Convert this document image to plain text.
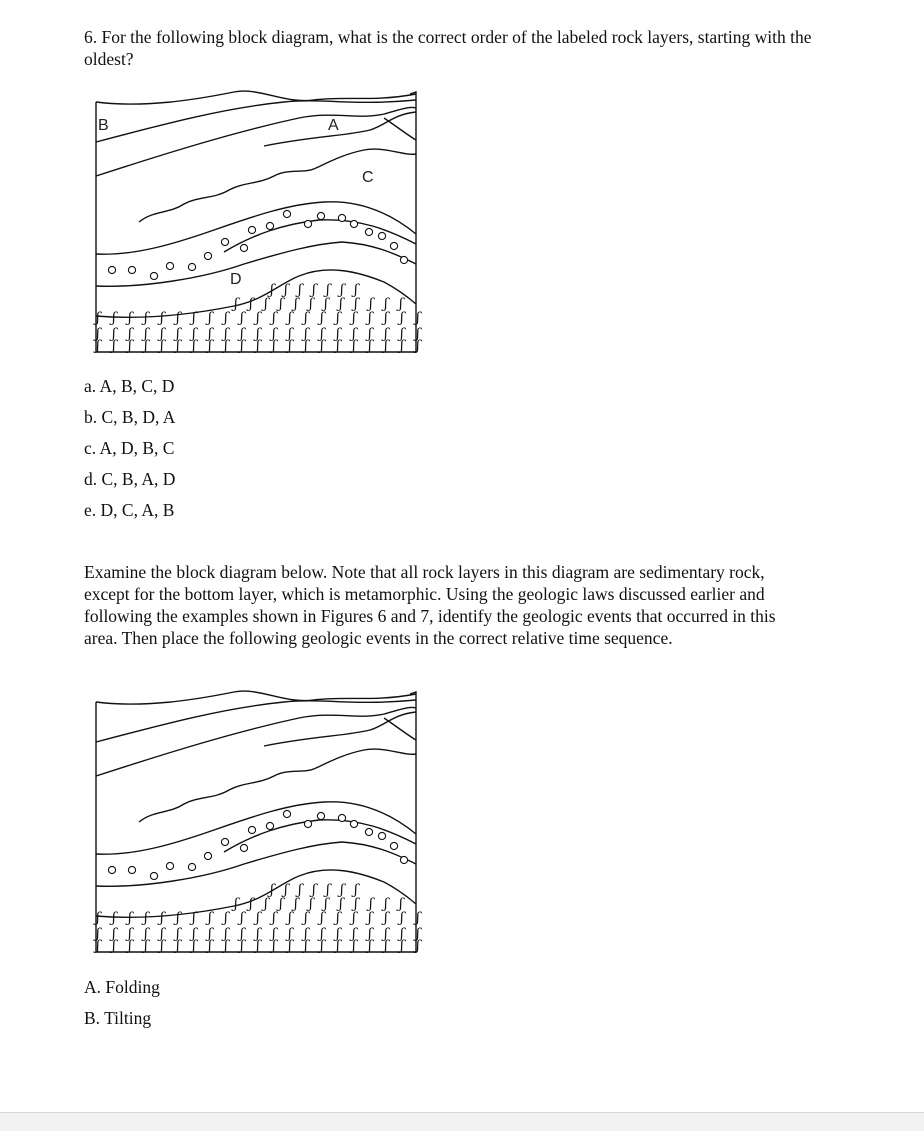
6. For the following block diagram, what is the correct order of the labeled rock layers, starting with the oldest?

ʃ ʃ ʃ ʃ ʃ ʃ ʃ
ʃ ʃ ʃ ʃ ʃ ʃ ʃ ʃ ʃ ʃ ʃ ʃ
ʃ ʃ ʃ ʃ ʃ ʃ ʃ ʃ ʃ ʃ ʃ ʃ ʃ ʃ ʃ ʃ ʃ ʃ ʃ ʃ ʃ
ʃ ʃ ʃ ʃ ʃ ʃ ʃ ʃ ʃ ʃ ʃ ʃ ʃ ʃ ʃ ʃ ʃ ʃ ʃ ʃ ʃ
ʃ ʃ ʃ ʃ ʃ ʃ ʃ ʃ ʃ ʃ ʃ ʃ ʃ ʃ ʃ ʃ ʃ ʃ ʃ ʃ ʃ
B	A
C
D
a. A, B, C, D
b. C, B, D, A
c. A, D, B, C
d. C, B, A, D
e. D, C, A, B

Examine the block diagram below. Note that all rock layers in this diagram are sedimentary rock, except for the bottom layer, which is metamorphic. Using the geologic laws discussed earlier and following the examples shown in Figures 6 and 7, identify the geologic events that occurred in this area. Then place the following geologic events in the correct relative time sequence.

ʃ ʃ ʃ ʃ ʃ ʃ ʃ
ʃ ʃ ʃ ʃ ʃ ʃ ʃ ʃ ʃ ʃ ʃ ʃ
ʃ ʃ ʃ ʃ ʃ ʃ ʃ ʃ ʃ ʃ ʃ ʃ ʃ ʃ ʃ ʃ ʃ ʃ ʃ ʃ ʃ
ʃ ʃ ʃ ʃ ʃ ʃ ʃ ʃ ʃ ʃ ʃ ʃ ʃ ʃ ʃ ʃ ʃ ʃ ʃ ʃ ʃ
ʃ ʃ ʃ ʃ ʃ ʃ ʃ ʃ ʃ ʃ ʃ ʃ ʃ ʃ ʃ ʃ ʃ ʃ ʃ ʃ ʃ
A. Folding
B. Tilting
